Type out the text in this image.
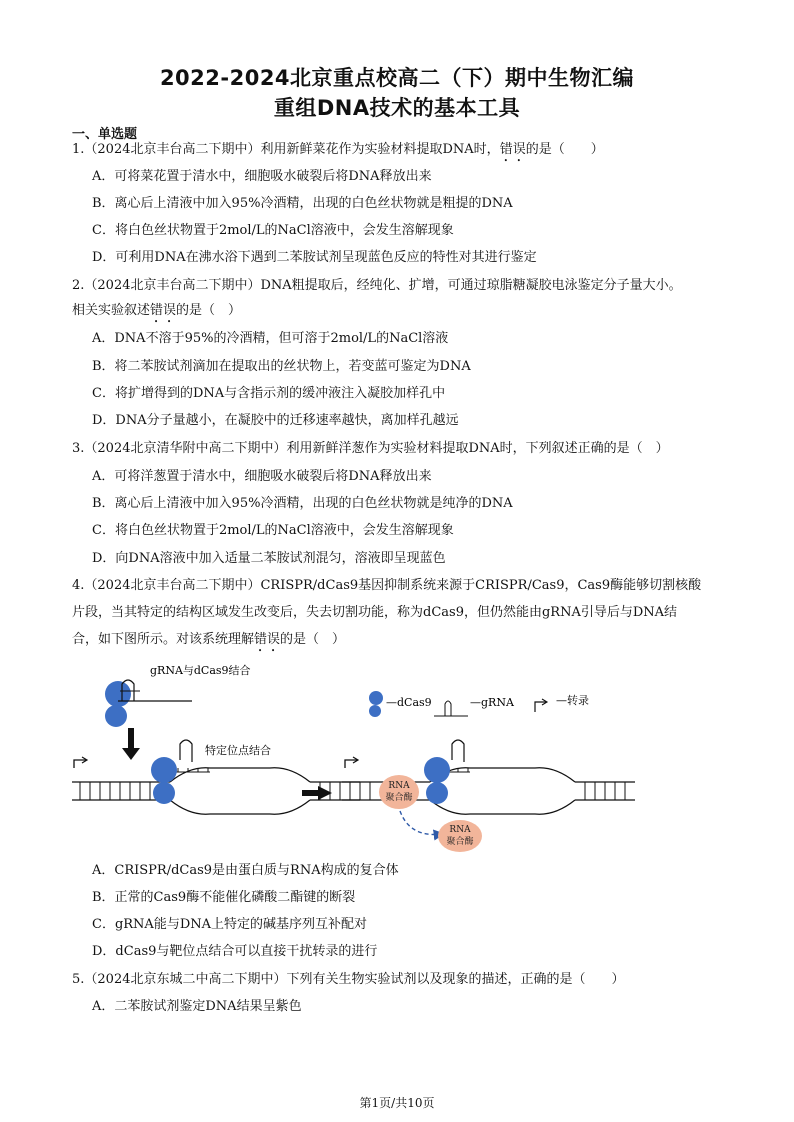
2022-2024北京重点校高二（下）期中生物汇编
重组DNA技术的基本工具
一、单选题
1.（2024北京丰台高二下期中）利用新鲜菜花作为实验材料提取DNA时，错误的是（　　）
A．可将菜花置于清水中，细胞吸水破裂后将DNA释放出来
B．离心后上清液中加入95%冷酒精，出现的白色丝状物就是粗提的DNA
C．将白色丝状物置于2mol/L的NaCl溶液中，会发生溶解现象
D．可利用DNA在沸水浴下遇到二苯胺试剂呈现蓝色反应的特性对其进行鉴定
2.（2024北京丰台高二下期中）DNA粗提取后，经纯化、扩增，可通过琼脂糖凝胶电泳鉴定分子量大小。
相关实验叙述错误的是（　）
A．DNA不溶于95%的冷酒精，但可溶于2mol/L的NaCl溶液
B．将二苯胺试剂滴加在提取出的丝状物上，若变蓝可鉴定为DNA
C．将扩增得到的DNA与含指示剂的缓冲液注入凝胶加样孔中
D．DNA分子量越小，在凝胶中的迁移速率越快，离加样孔越远
3.（2024北京清华附中高二下期中）利用新鲜洋葱作为实验材料提取DNA时，下列叙述正确的是（　）
A．可将洋葱置于清水中，细胞吸水破裂后将DNA释放出来
B．离心后上清液中加入95%冷酒精，出现的白色丝状物就是纯净的DNA
C．将白色丝状物置于2mol/L的NaCl溶液中，会发生溶解现象
D．向DNA溶液中加入适量二苯胺试剂混匀，溶液即呈现蓝色
4.（2024北京丰台高二下期中）CRISPR/dCas9基因抑制系统来源于CRISPR/Cas9，Cas9酶能够切割核酸
片段，当其特定的结构区域发生改变后，失去切割功能，称为dCas9，但仍然能由gRNA引导后与DNA结
合，如下图所示。对该系统理解错误的是（　）
gRNA与dCas9结合
特定位点结合
—dCas9	—gRNA	—转录
RNA
聚合酶
RNA
聚合酶
A．CRISPR/dCas9是由蛋白质与RNA构成的复合体
B．正常的Cas9酶不能催化磷酸二酯键的断裂
C．gRNA能与DNA上特定的碱基序列互补配对
D．dCas9与靶位点结合可以直接干扰转录的进行
5.（2024北京东城二中高二下期中）下列有关生物实验试剂以及现象的描述，正确的是（　　）
A．二苯胺试剂鉴定DNA结果呈紫色
第1页/共10页
